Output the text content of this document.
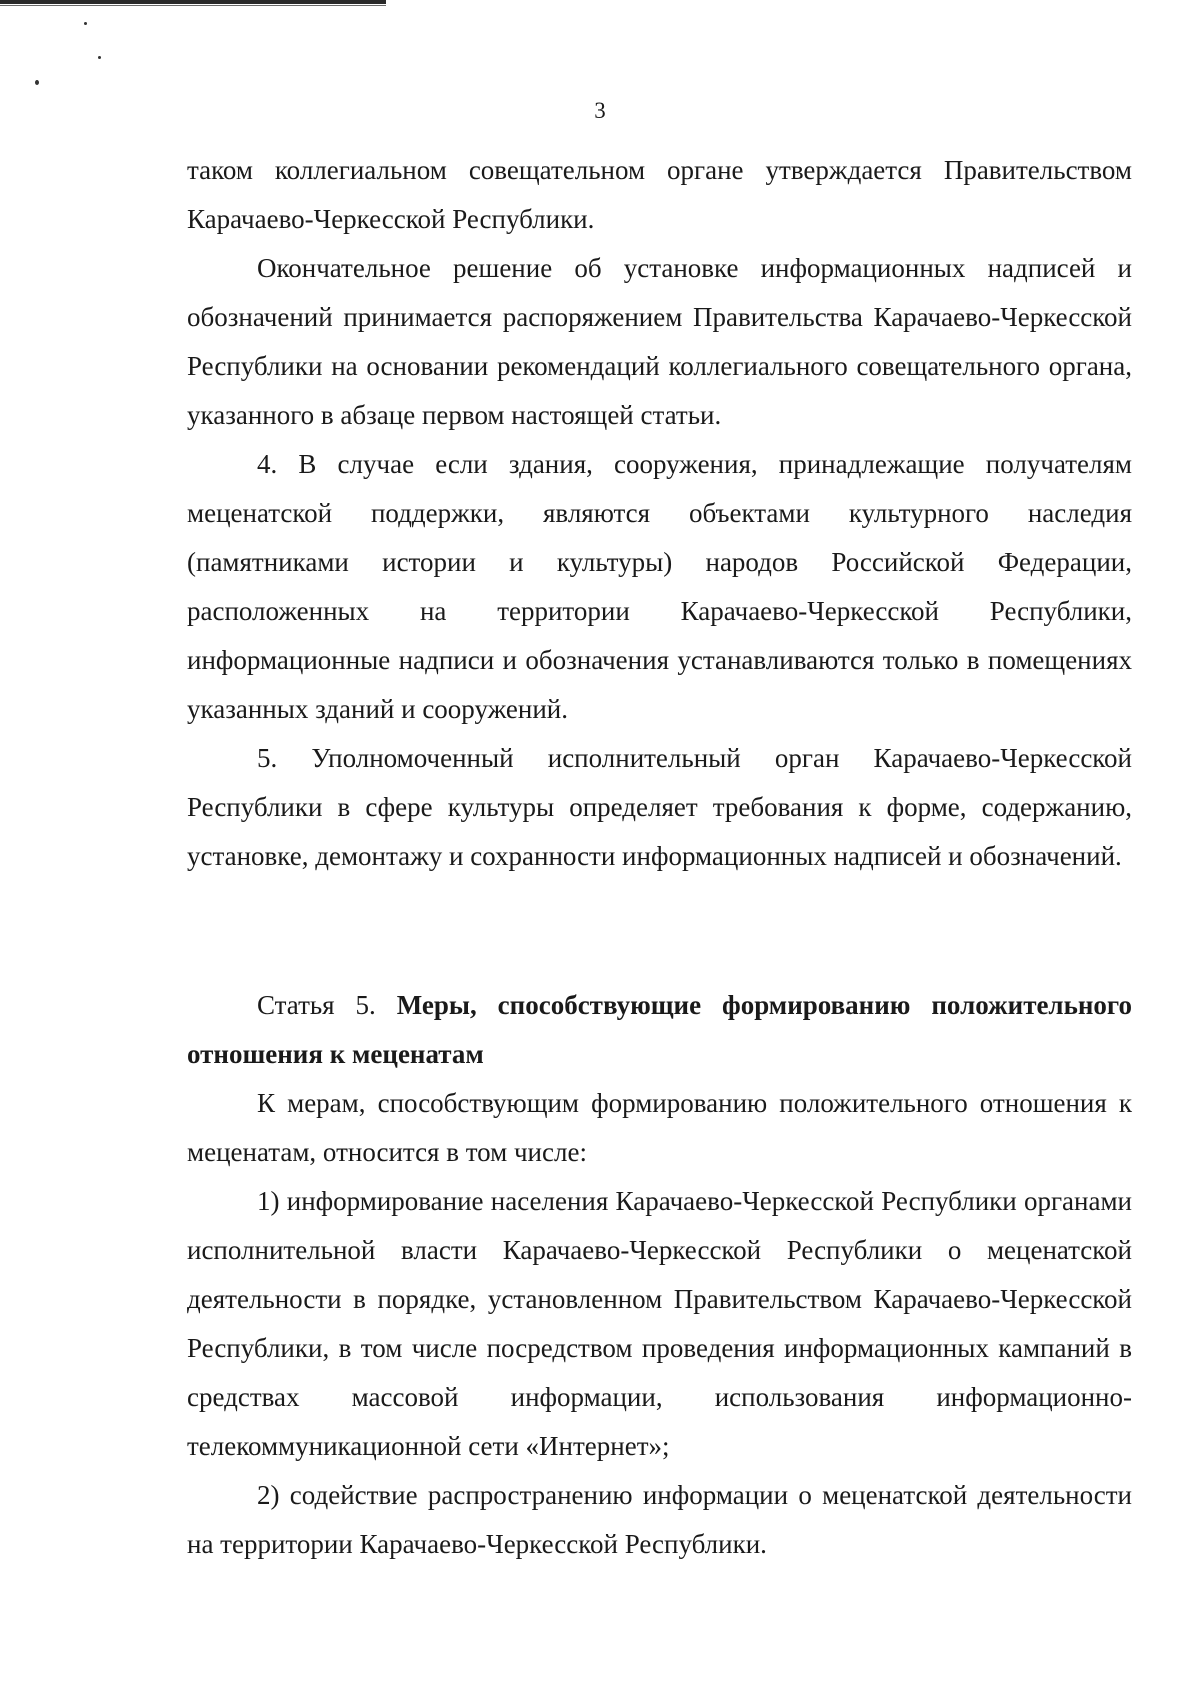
3

таком коллегиальном совещательном органе утверждается Правительством Карачаево-Черкесской Республики.

Окончательное решение об установке информационных надписей и обозначений принимается распоряжением Правительства Карачаево-Черкесской Республики на основании рекомендаций коллегиального совещательного органа, указанного в абзаце первом настоящей статьи.

4. В случае если здания, сооружения, принадлежащие получателям меценатской поддержки, являются объектами культурного наследия (памятниками истории и культуры) народов Российской Федерации, расположенных на территории Карачаево-Черкесской Республики, информационные надписи и обозначения устанавливаются только в помещениях указанных зданий и сооружений.

5. Уполномоченный исполнительный орган Карачаево-Черкесской Республики в сфере культуры определяет требования к форме, содержанию, установке, демонтажу и сохранности информационных надписей и обозначений.

Статья 5. Меры, способствующие формированию положительного отношения к меценатам

К мерам, способствующим формированию положительного отношения к меценатам, относится в том числе:

1) информирование населения Карачаево-Черкесской Республики органами исполнительной власти Карачаево-Черкесской Республики о меценатской деятельности в порядке, установленном Правительством Карачаево-Черкесской Республики, в том числе посредством проведения информационных кампаний в средствах массовой информации, использования информационно-телекоммуникационной сети «Интернет»;

2) содействие распространению информации о меценатской деятельности на территории Карачаево-Черкесской Республики.
